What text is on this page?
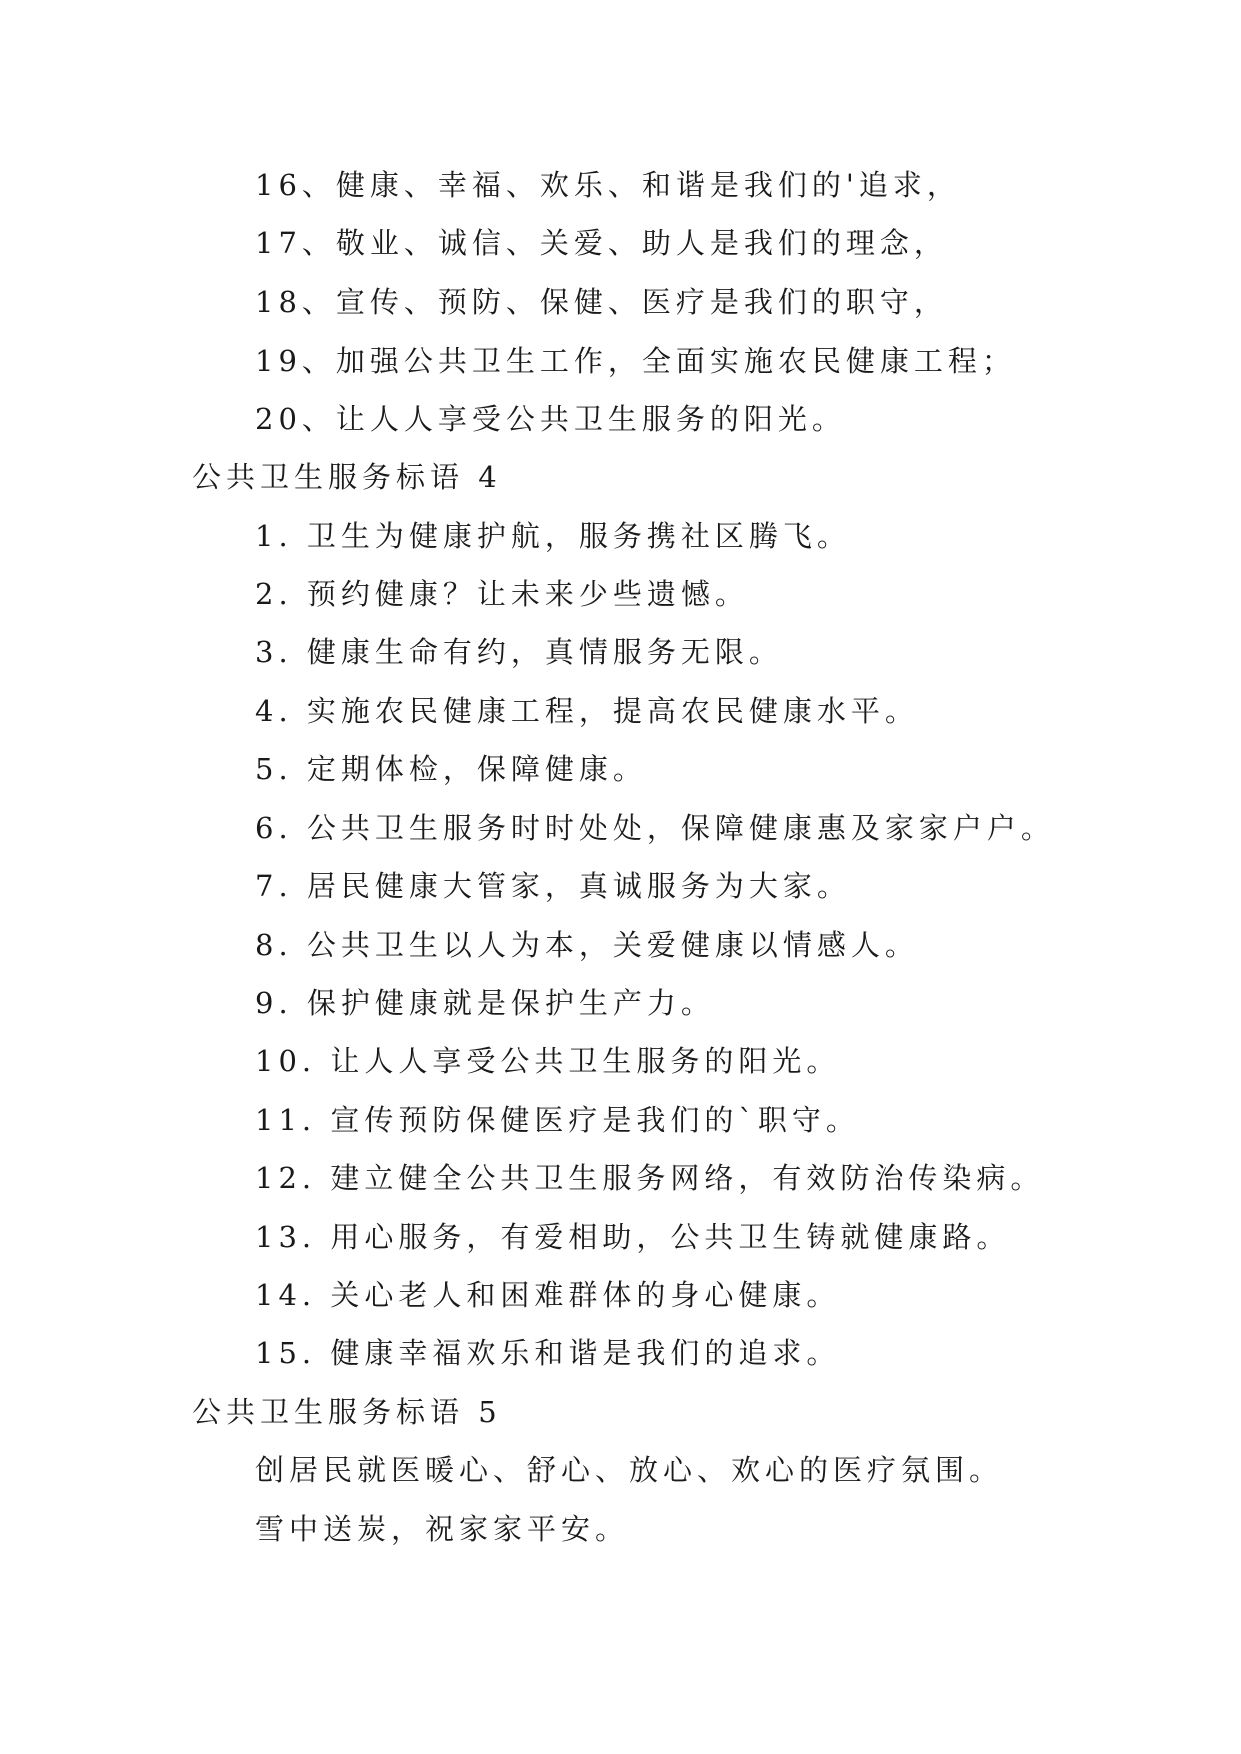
16、健康、幸福、欢乐、和谐是我们的'追求，
17、敬业、诚信、关爱、助人是我们的理念，
18、宣传、预防、保健、医疗是我们的职守，
19、加强公共卫生工作，全面实施农民健康工程；
20、让人人享受公共卫生服务的阳光。
公共卫生服务标语 4
1. 卫生为健康护航，服务携社区腾飞。
2. 预约健康？让未来少些遗憾。
3. 健康生命有约，真情服务无限。
4. 实施农民健康工程，提高农民健康水平。
5. 定期体检，保障健康。
6. 公共卫生服务时时处处，保障健康惠及家家户户。
7. 居民健康大管家，真诚服务为大家。
8. 公共卫生以人为本，关爱健康以情感人。
9. 保护健康就是保护生产力。
10. 让人人享受公共卫生服务的阳光。
11. 宣传预防保健医疗是我们的`职守。
12. 建立健全公共卫生服务网络，有效防治传染病。
13. 用心服务，有爱相助，公共卫生铸就健康路。
14. 关心老人和困难群体的身心健康。
15. 健康幸福欢乐和谐是我们的追求。
公共卫生服务标语 5
创居民就医暖心、舒心、放心、欢心的医疗氛围。
雪中送炭，祝家家平安。
